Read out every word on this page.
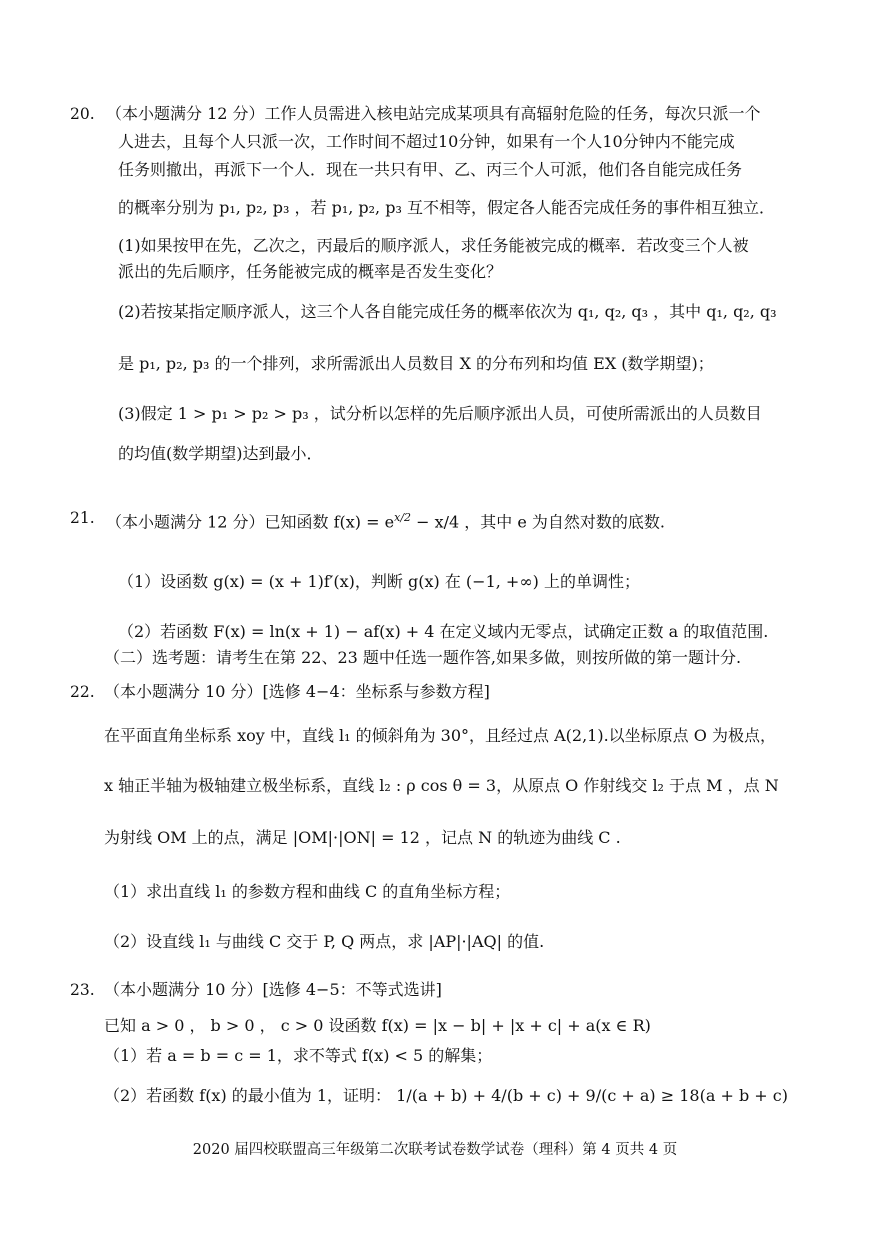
20. （本小题满分 12 分）工作人员需进入核电站完成某项具有高辐射危险的任务，每次只派一个
人进去，且每个人只派一次，工作时间不超过10分钟，如果有一个人10分钟内不能完成
任务则撤出，再派下一个人．现在一共只有甲、乙、丙三个人可派，他们各自能完成任务
的概率分别为 p₁, p₂, p₃ ，若 p₁, p₂, p₃ 互不相等，假定各人能否完成任务的事件相互独立．
(1)如果按甲在先，乙次之，丙最后的顺序派人，求任务能被完成的概率．若改变三个人被
派出的先后顺序，任务能被完成的概率是否发生变化？
(2)若按某指定顺序派人，这三个人各自能完成任务的概率依次为 q₁, q₂, q₃ ，其中 q₁, q₂, q₃
是 p₁, p₂, p₃ 的一个排列，求所需派出人员数目 X 的分布列和均值 EX (数学期望)；
(3)假定 1 > p₁ > p₂ > p₃ ，试分析以怎样的先后顺序派出人员，可使所需派出的人员数目
的均值(数学期望)达到最小．
21. （本小题满分 12 分）已知函数 $f(x) = e^{x/2} - x/4$ ，其中 e 为自然对数的底数.
（1）设函数 g(x) = (x + 1)f′(x)，判断 g(x) 在 (−1, +∞) 上的单调性；
（2）若函数 F(x) = ln(x + 1) − af(x) + 4 在定义域内无零点，试确定正数 a 的取值范围.
（二）选考题：请考生在第 22、23 题中任选一题作答,如果多做，则按所做的第一题计分.
22. （本小题满分 10 分）[选修 4−4：坐标系与参数方程]
在平面直角坐标系 xoy 中，直线 l₁ 的倾斜角为 30°，且经过点 A(2,1).以坐标原点 O 为极点，
x 轴正半轴为极轴建立极坐标系，直线 l₂ : ρ cos θ = 3，从原点 O 作射线交 l₂ 于点 M ，点 N
为射线 OM 上的点，满足 |OM|·|ON| = 12 ，记点 N 的轨迹为曲线 C .
（1）求出直线 l₁ 的参数方程和曲线 C 的直角坐标方程；
（2）设直线 l₁ 与曲线 C 交于 P, Q 两点，求 |AP|·|AQ| 的值.
23. （本小题满分 10 分）[选修 4−5：不等式选讲]
已知 a > 0 ， b > 0 ， c > 0 设函数 f(x) = |x − b| + |x + c| + a(x ∈ R)
（1）若 a = b = c = 1，求不等式 f(x) < 5 的解集；
（2）若函数 f(x) 的最小值为 1，证明： 1/(a + b) + 4/(b + c) + 9/(c + a) ≥ 18(a + b + c)
2020 届四校联盟高三年级第二次联考试卷数学试卷（理科）第 4 页共 4 页
